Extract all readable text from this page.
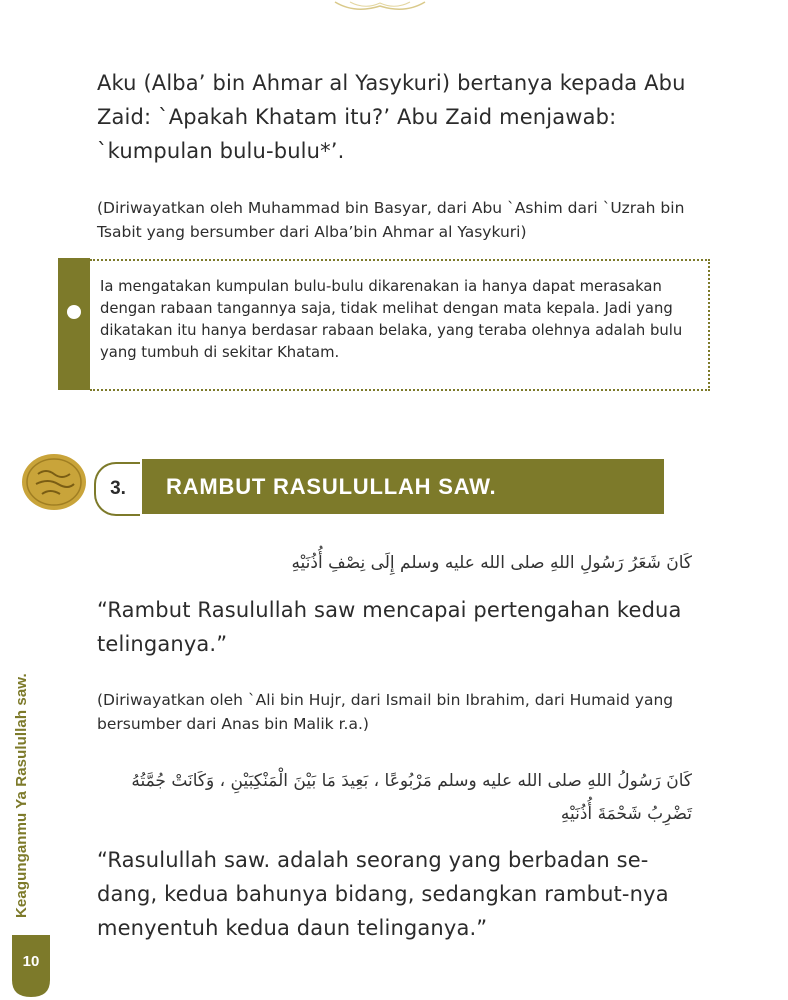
Aku (Alba’ bin Ahmar al Yasykuri) bertanya kepada Abu Zaid: `Apakah Khatam itu?’ Abu Zaid menjawab: `kumpulan bulu-bulu*’.

(Diriwayatkan oleh Muhammad bin Basyar, dari Abu `Ashim dari `Uzrah bin Tsabit yang bersumber dari Alba’bin Ahmar al Yasykuri)

Ia mengatakan kumpulan bulu-bulu dikarenakan ia hanya dapat merasakan dengan rabaan tangannya saja, tidak melihat dengan mata kepala. Jadi yang dikatakan itu hanya berdasar rabaan belaka, yang teraba olehnya adalah bulu yang tumbuh di sekitar Khatam.

3.	RAMBUT RASULULLAH SAW.

كَانَ شَعَرُ رَسُولِ اللهِ صلى الله عليه وسلم إِلَى نِصْفِ أُذُنَيْهِ

“Rambut Rasulullah saw mencapai pertengahan kedua telinganya.”

(Diriwayatkan oleh `Ali bin Hujr, dari Ismail bin Ibrahim, dari Humaid yang bersumber dari Anas bin Malik r.a.)

كَانَ رَسُولُ اللهِ صلى الله عليه وسلم مَرْبُوعًا ، بَعِيدَ مَا بَيْنَ الْمَنْكِبَيْنِ ، وَكَانَتْ جُمَّتُهُ تَضْرِبُ شَحْمَةَ أُذُنَيْهِ

“Rasulullah saw. adalah seorang yang berbadan se-dang, kedua bahunya bidang, sedangkan rambut-nya menyentuh kedua daun telinganya.”

Keagunganmu Ya Rasulullah saw.
10
